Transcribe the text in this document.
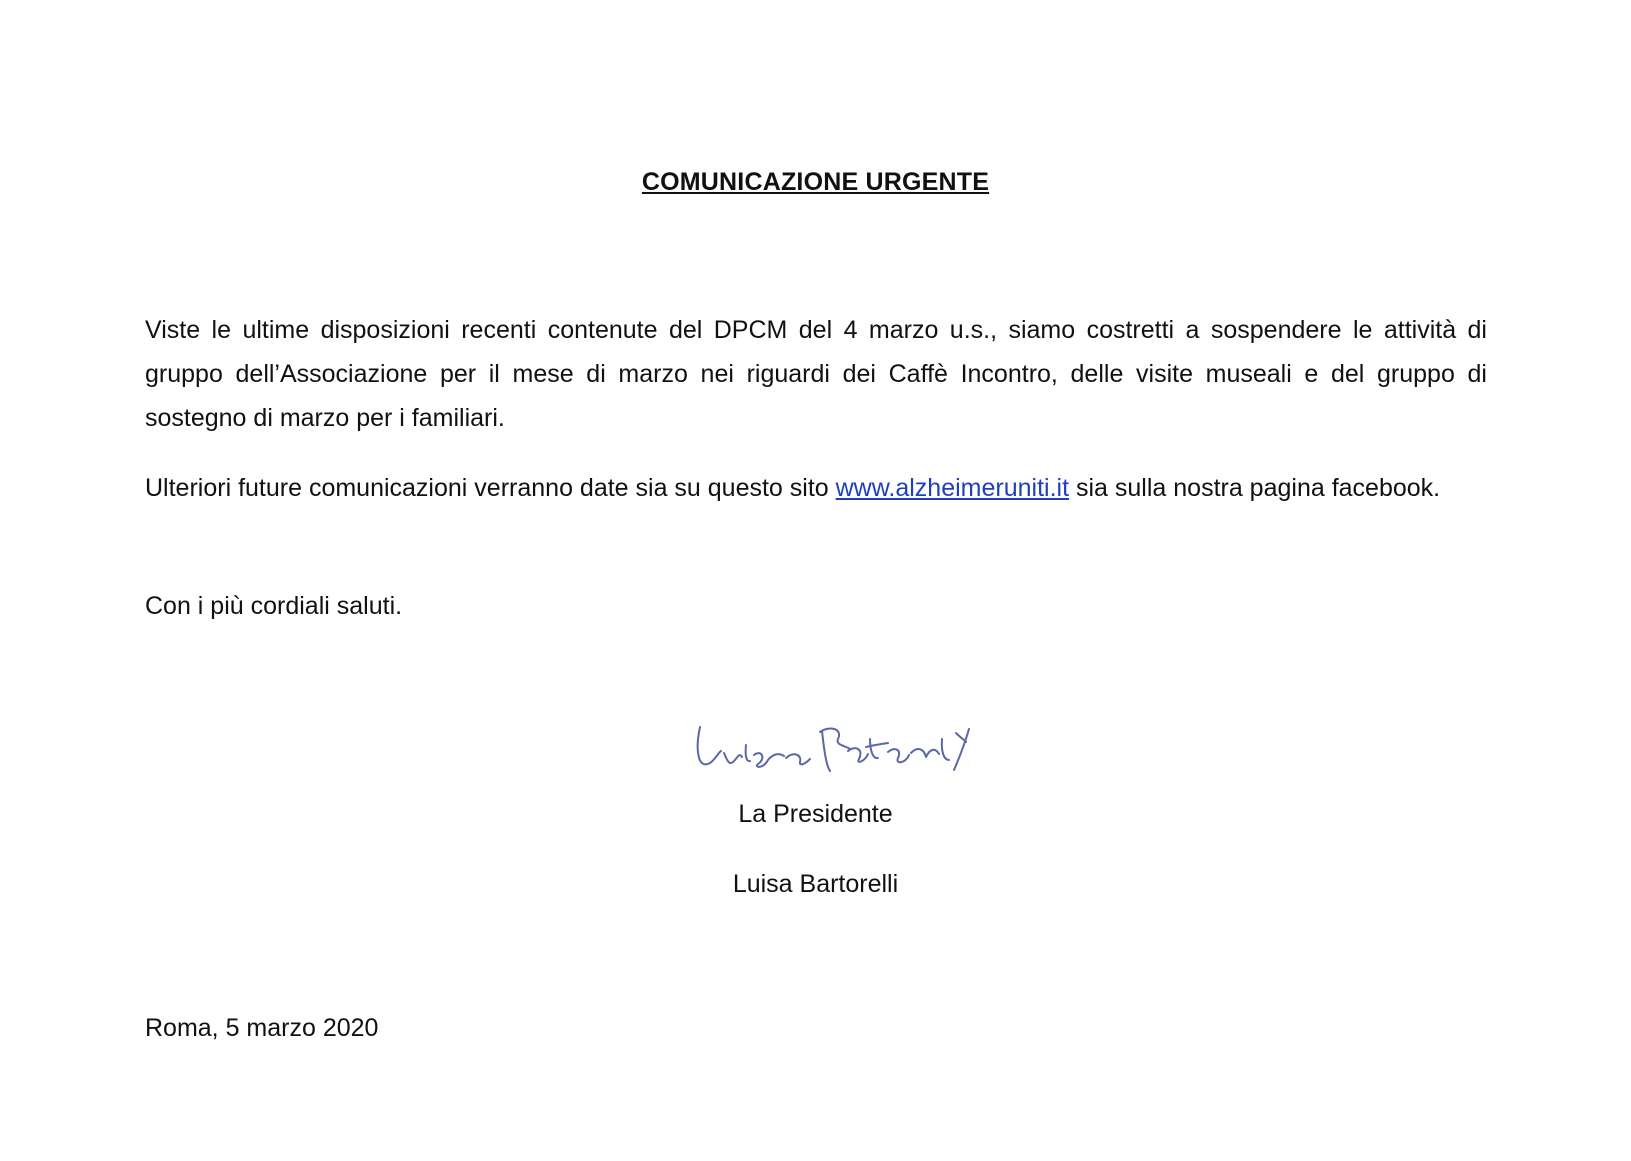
COMUNICAZIONE URGENTE
Viste le ultime disposizioni recenti contenute del DPCM del 4 marzo u.s., siamo costretti a sospendere le attività di gruppo dell’Associazione per il mese di marzo nei riguardi dei Caffè Incontro, delle visite museali e del gruppo di sostegno di marzo per i familiari.
Ulteriori future comunicazioni verranno date sia su questo sito www.alzheimeruniti.it sia sulla nostra pagina facebook.
Con i più cordiali saluti.
La Presidente
Luisa Bartorelli
Roma, 5 marzo 2020
